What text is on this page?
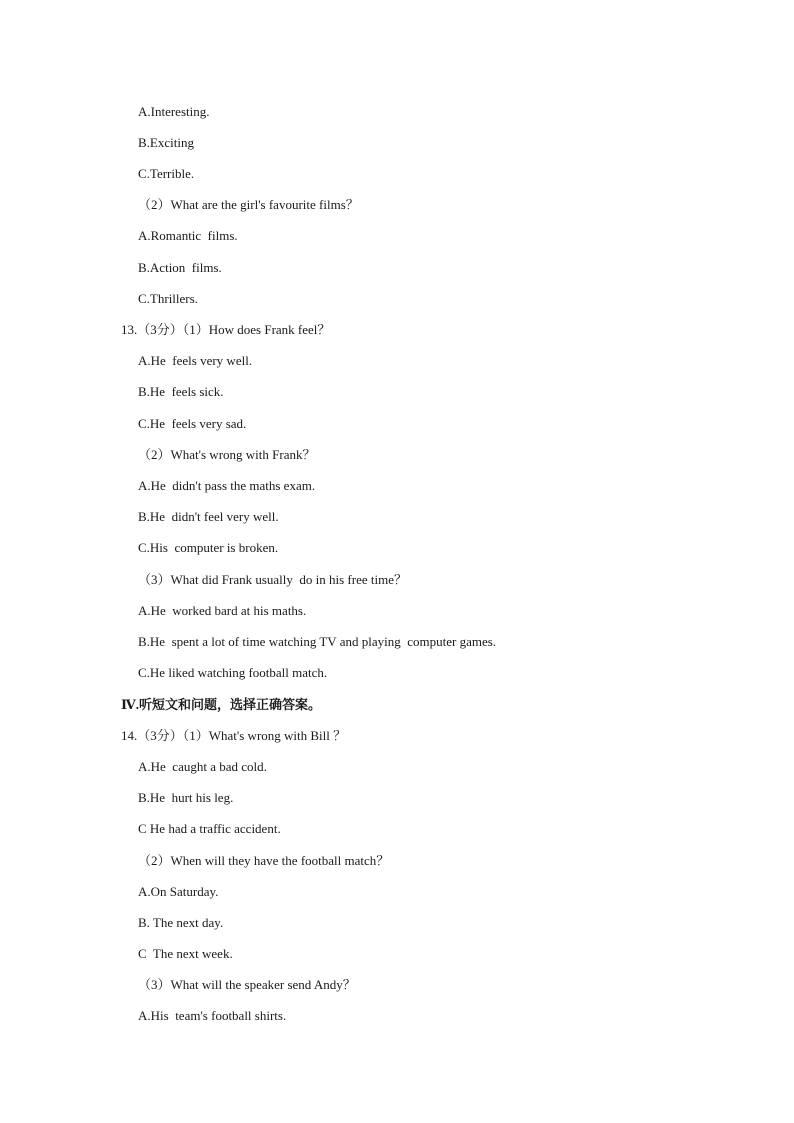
A.Interesting.
B.Exciting
C.Terrible.
（2）What are the girl's favourite films？
A.Romantic  films.
B.Action  films.
C.Thrillers.
13.（3分）（1）How does Frank feel？
A.He  feels very well.
B.He  feels sick.
C.He  feels very sad.
（2）What's wrong with Frank？
A.He  didn't pass the maths exam.
B.He  didn't feel very well.
C.His  computer is broken.
（3）What did Frank usually  do in his free time？
A.He  worked bard at his maths.
B.He  spent a lot of time watching TV and playing  computer games.
C.He liked watching football match.
Ⅳ.听短文和问题，选择正确答案。
14.（3分）（1）What's wrong with Bill ？
A.He  caught a bad cold.
B.He  hurt his leg.
C He had a traffic accident.
（2）When will they have the football match？
A.On Saturday.
B. The next day.
C  The next week.
（3）What will the speaker send Andy？
A.His  team's football shirts.
